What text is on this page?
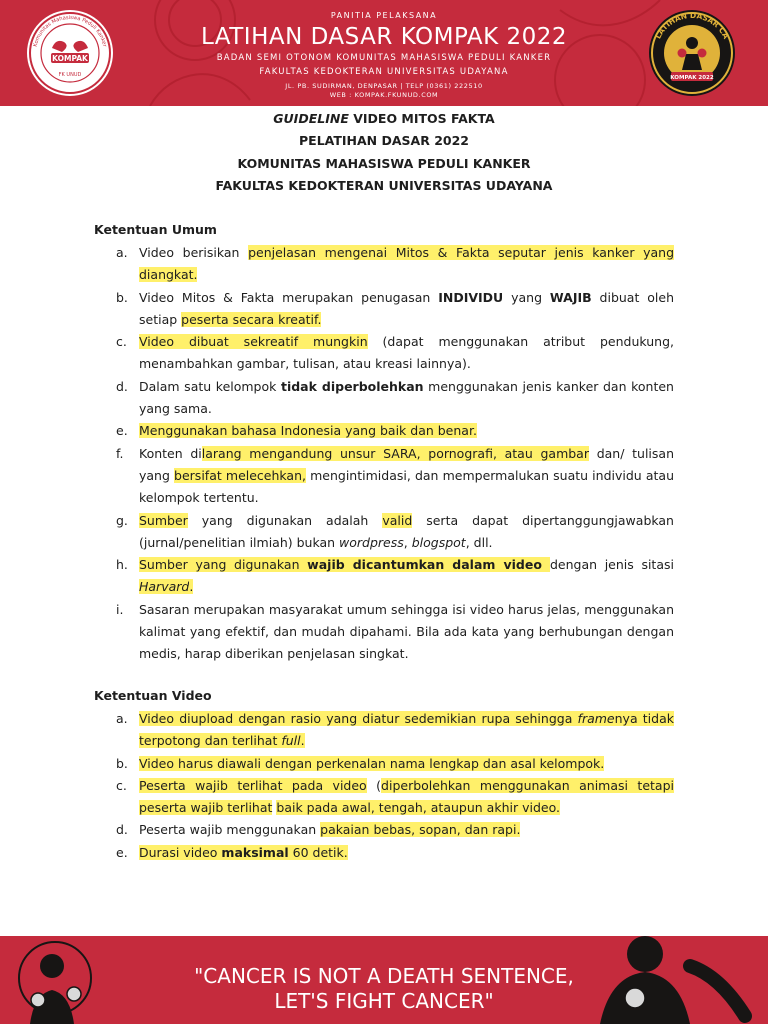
KOMPAK
FK UNUD
Komunitas Mahasiswa Peduli Kanker
PANITIA PELAKSANA
LATIHAN DASAR KOMPAK 2022
BADAN SEMI OTONOM KOMUNITAS MAHASISWA PEDULI KANKER
FAKULTAS KEDOKTERAN UNIVERSITAS UDAYANA
JL. PB. SUDIRMAN, DENPASAR | TELP (0361) 222510
WEB : KOMPAK.FKUNUD.COM
KOMPAK 2022
LATIHAN DASAR CA
GUIDELINE VIDEO MITOS FAKTA
PELATIHAN DASAR 2022
KOMUNITAS MAHASISWA PEDULI KANKER
FAKULTAS KEDOKTERAN UNIVERSITAS UDAYANA
Ketentuan Umum
a. Video berisikan penjelasan mengenai Mitos & Fakta seputar jenis kanker yang diangkat.
b. Video Mitos & Fakta merupakan penugasan INDIVIDU yang WAJIB dibuat oleh setiap peserta secara kreatif.
c. Video dibuat sekreatif mungkin (dapat menggunakan atribut pendukung, menambahkan gambar, tulisan, atau kreasi lainnya).
d. Dalam satu kelompok tidak diperbolehkan menggunakan jenis kanker dan konten yang sama.
e. Menggunakan bahasa Indonesia yang baik dan benar.
f. Konten dilarang mengandung unsur SARA, pornografi, atau gambar dan/ tulisan yang bersifat melecehkan, mengintimidasi, dan mempermalukan suatu individu atau kelompok tertentu.
g. Sumber yang digunakan adalah valid serta dapat dipertanggungjawabkan (jurnal/penelitian ilmiah) bukan wordpress, blogspot, dll.
h. Sumber yang digunakan wajib dicantumkan dalam video dengan jenis sitasi Harvard.
i. Sasaran merupakan masyarakat umum sehingga isi video harus jelas, menggunakan kalimat yang efektif, dan mudah dipahami. Bila ada kata yang berhubungan dengan medis, harap diberikan penjelasan singkat.
Ketentuan Video
a. Video diupload dengan rasio yang diatur sedemikian rupa sehingga framenya tidak terpotong dan terlihat full.
b. Video harus diawali dengan perkenalan nama lengkap dan asal kelompok.
c. Peserta wajib terlihat pada video (diperbolehkan menggunakan animasi tetapi peserta wajib terlihat baik pada awal, tengah, ataupun akhir video.
d. Peserta wajib menggunakan pakaian bebas, sopan, dan rapi.
e. Durasi video maksimal 60 detik.
"CANCER IS NOT A DEATH SENTENCE,
LET'S FIGHT CANCER"
